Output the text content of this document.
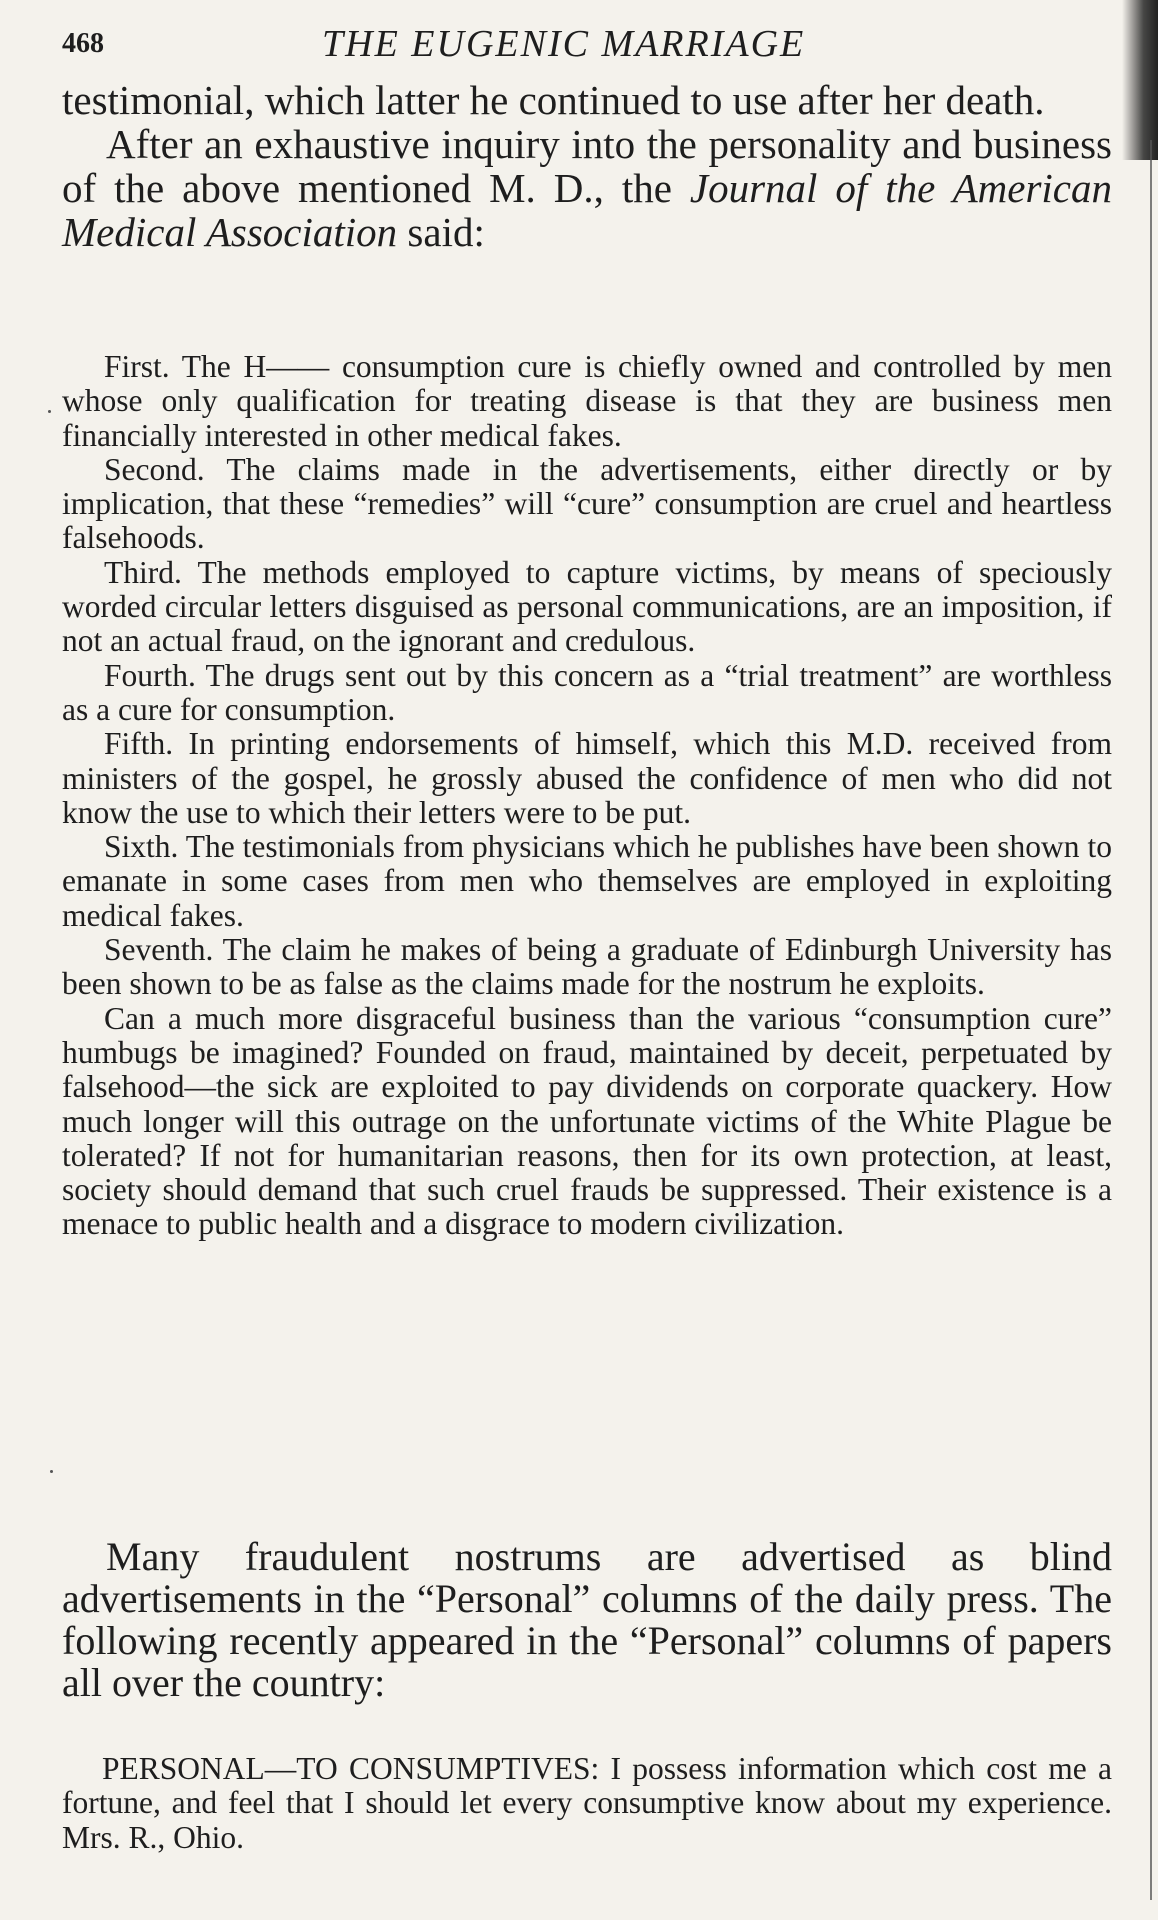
468	THE EUGENIC MARRIAGE

testimonial, which latter he continued to use after her death.

After an exhaustive inquiry into the personality and business of the above mentioned M. D., the Journal of the American Medical Association said:

First. The H—— consumption cure is chiefly owned and controlled by men whose only qualification for treating disease is that they are business men financially interested in other medical fakes.

Second. The claims made in the advertisements, either directly or by implication, that these “remedies” will “cure” consumption are cruel and heartless falsehoods.

Third. The methods employed to capture victims, by means of speciously worded circular letters disguised as personal communications, are an imposition, if not an actual fraud, on the ignorant and credulous.

Fourth. The drugs sent out by this concern as a “trial treatment” are worthless as a cure for consumption.

Fifth. In printing endorsements of himself, which this M.D. received from ministers of the gospel, he grossly abused the confidence of men who did not know the use to which their letters were to be put.

Sixth. The testimonials from physicians which he publishes have been shown to emanate in some cases from men who themselves are employed in exploiting medical fakes.

Seventh. The claim he makes of being a graduate of Edinburgh University has been shown to be as false as the claims made for the nostrum he exploits.

Can a much more disgraceful business than the various “consumption cure” humbugs be imagined? Founded on fraud, maintained by deceit, perpetuated by falsehood—the sick are exploited to pay dividends on corporate quackery. How much longer will this outrage on the unfortunate victims of the White Plague be tolerated? If not for humanitarian reasons, then for its own protection, at least, society should demand that such cruel frauds be suppressed. Their existence is a menace to public health and a disgrace to modern civilization.

Many fraudulent nostrums are advertised as blind advertisements in the “Personal” columns of the daily press. The following recently appeared in the “Personal” columns of papers all over the country:

PERSONAL—TO CONSUMPTIVES: I possess information which cost me a fortune, and feel that I should let every consumptive know about my experience. Mrs. R., Ohio.
